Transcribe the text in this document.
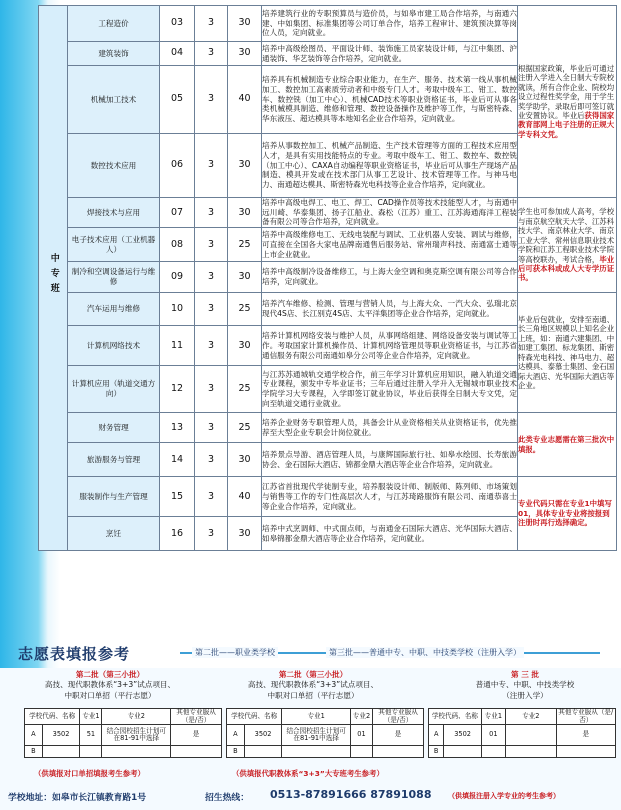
中专班	工程造价	03	3	30	培养建筑行业的专职预算员与造价员，与如皋市建工局合作培养，与南通六建、中如集团、标准集团等公司订单合作，培养工程审计、建筑预决算等岗位人员，定向就业。	根据国家政策，毕业后可通过注册入学进入全日制大专院校就读，所有合作企业、院校均设立过程性奖学金，用于学生奖学助学，录取后即可签订就业安置协议。毕业后获得国家教育部网上电子注册的正规大学专科文凭。
	建筑装饰	04	3	30	培养中高级绘图员、平面设计师、装饰施工员家装设计师，与江中集团、沪通装饰、华艺装饰等合作培养，定向就业。	
	机械加工技术	05	3	40	培养具有机械制造专业综合职业能力，在生产、服务、技术第一线从事机械加工、数控加工高素质劳动者和中级专门人才。考取中级车工、钳工、数控车、数控铣（加工中心）、机械CAD技术等职业资格证书，毕业后可从事各类机械模具制造、维修和管理、数控设备操作及维护等工作，与斯密特森、华东液压、超达模具等本地知名企业合作培养，定向就业。	
	数控技术应用	06	3	30	培养从事数控加工、机械产品制造、生产技术管理等方面的工程技术应用型人才，是具有实用技能特点的专业。考取中级车工、钳工、数控车、数控铣（加工中心）、CAXA自动编程等职业资格证书，毕业后可从事生产现场产品制造、模具开发或在技术部门从事工艺设计、技术管理等工作。与神马电力、南通超达模具、斯密特森光电科技等企业合作培养，定向就业。	
	焊接技术与应用	07	3	30	培养中高级电焊工、电工、焊工、CAD操作员等技术技能型人才，与南通中远川崎、华泰集团、扬子江船业、森松（江苏）重工、江苏海通海洋工程装备有限公司等合作培养，定向就业。	学生也可参加成人高考，学校与南京航空航天大学、江苏科技大学、南京林业大学、南京工业大学、常州信息职业技术学院和江苏工程职业技术学院等高校联办，考试合格，毕业后可获本科或成人大专学历证书。
	电子技术应用（工业机器人）	08	3	25	培养中高级维修电工、无线电装配与调试、工业机器人安装、调试与维修，可直接在全国各大家电品牌南通售后服务站、常州瑞声科技、南通富士通等上市企业就业。	
	制冷和空调设备运行与维修	09	3	30	培养中高级制冷设备维修工，与上海大金空调和奥克斯空调有限公司等合作培养，定向就业。	
	汽车运用与维修	10	3	25	培养汽车维修、检测、管理与营销人员，与上海大众、一汽大众、弘瑞北京现代4S店、长江别克4S店、太平洋集团等企业合作培养，定向就业。	毕业后包就业，安排至南通、长三角地区规模以上知名企业上班，如：南通六建集团、中如建工集团、标龙集团、斯密特森光电科技、神马电力、超达模具、泰慕士集团、金石国际大酒店、光华国际大酒店等企业。
	计算机网络技术	11	3	30	培养计算机网络安装与维护人员，从事网络组建、网络设备安装与调试等工作。考取国家计算机操作员、计算机网络管理员等职业资格证书，与江苏省通信服务有限公司南通如皋分公司等企业合作培养，定向就业。	
	计算机应用（轨道交通方向）	12	3	25	与江苏苏通城轨交通学校合作，前三年学习计算机应用知识，融入轨道交通专业课程，颁发中专毕业证书；三年后通过注册入学升入无锡城市职业技术学院学习大专课程，入学即签订就业协议，毕业后获得全日制大专文凭，定向至轨道交通行业就业。	
	财务管理	13	3	25	培养企业财务专职管理人员，具备会计从业资格相关从业资格证书，优先推荐至大型企业专职会计岗位就业。	此类专业志愿需在第三批次中填报。
	旅游服务与管理	14	3	30	培养景点导游、酒店管理人员，与康辉国际旅行社、如皋水绘园、长寿旅游协会、金石国际大酒店、锦都金鼎大酒店等企业合作培养，定向就业。	
	服装制作与生产管理	15	3	40	江苏省首批现代学徒制专业，培养服装设计师、制版师、陈列师、市场策划与销售等工作的专门性高层次人才，与江苏琦路服饰有限公司、南通恭喜士等企业合作培养，定向就业。	专业代码只需在专业1中填写01，具体专业专业将按报到注册时再行选择确定。
	烹饪	16	3	30	培养中式烹调师、中式面点师，与南通金石国际大酒店、光华国际大酒店、如皋锦都金鼎大酒店等企业合作培养，定向就业。	
志愿表填报参考	第二批——职业类学校	第三批——普通中专、中职、中技类学校（注册入学）
第二批（第三小批）
高技、现代职教体系“3+3”试点项目、
中职对口单招（平行志愿）
第二批（第三小批）
高技、现代职教体系“3+3”试点项目、
中职对口单招（平行志愿）
第 三 批
普通中专、中职、中技类学校
（注册入学）
学校代码、名称		专业1	专业2	其他专业服从（是/否）
A	3502	51	结合园校招生计划可在81-91中选择	是
B				
学校代码、名称		专业1	专业2	其他专业服从（是/否）
A	3502	结合园校招生计划可在81-91中选择	01	是
B				
学校代码、名称		专业1	专业2	其他专业服从（是/否）
A	3502	01		是
B				
（供填报对口单招填报考生参考）	（供填报代职教体系“3+3”大专班考生参考）
学校地址：如皋市长江镇教育路1号	招生热线： 0513-87891666 87891088 （供填报注册入学专业的考生参考）
